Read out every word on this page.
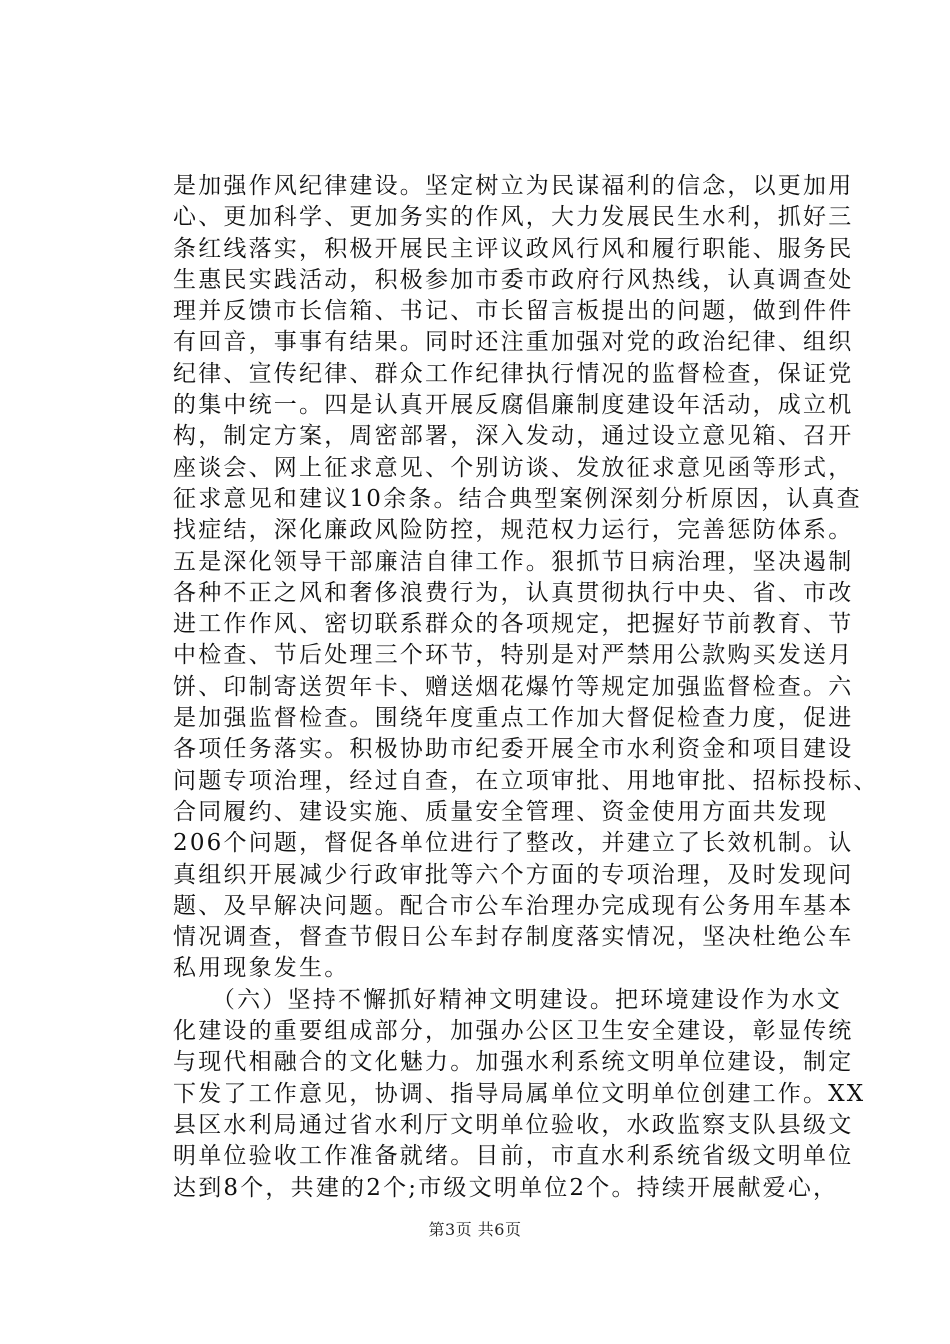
是加强作风纪律建设。坚定树立为民谋福利的信念，以更加用
心、更加科学、更加务实的作风，大力发展民生水利，抓好三
条红线落实，积极开展民主评议政风行风和履行职能、服务民
生惠民实践活动，积极参加市委市政府行风热线，认真调查处
理并反馈市长信箱、书记、市长留言板提出的问题，做到件件
有回音，事事有结果。同时还注重加强对党的政治纪律、组织
纪律、宣传纪律、群众工作纪律执行情况的监督检查，保证党
的集中统一。四是认真开展反腐倡廉制度建设年活动，成立机
构，制定方案，周密部署，深入发动，通过设立意见箱、召开
座谈会、网上征求意见、个别访谈、发放征求意见函等形式，
征求意见和建议10余条。结合典型案例深刻分析原因，认真查
找症结，深化廉政风险防控，规范权力运行，完善惩防体系。
五是深化领导干部廉洁自律工作。狠抓节日病治理，坚决遏制
各种不正之风和奢侈浪费行为，认真贯彻执行中央、省、市改
进工作作风、密切联系群众的各项规定，把握好节前教育、节
中检查、节后处理三个环节，特别是对严禁用公款购买发送月
饼、印制寄送贺年卡、赠送烟花爆竹等规定加强监督检查。六
是加强监督检查。围绕年度重点工作加大督促检查力度，促进
各项任务落实。积极协助市纪委开展全市水利资金和项目建设
问题专项治理，经过自查，在立项审批、用地审批、招标投标、
合同履约、建设实施、质量安全管理、资金使用方面共发现
206个问题，督促各单位进行了整改，并建立了长效机制。认
真组织开展减少行政审批等六个方面的专项治理，及时发现问
题、及早解决问题。配合市公车治理办完成现有公务用车基本
情况调查，督查节假日公车封存制度落实情况，坚决杜绝公车
私用现象发生。
　　（六）坚持不懈抓好精神文明建设。把环境建设作为水文
化建设的重要组成部分，加强办公区卫生安全建设，彰显传统
与现代相融合的文化魅力。加强水利系统文明单位建设，制定
下发了工作意见，协调、指导局属单位文明单位创建工作。XX
县区水利局通过省水利厅文明单位验收，水政监察支队县级文
明单位验收工作准备就绪。目前，市直水利系统省级文明单位
达到8个，共建的2个;市级文明单位2个。持续开展献爱心，
第3页 共6页
